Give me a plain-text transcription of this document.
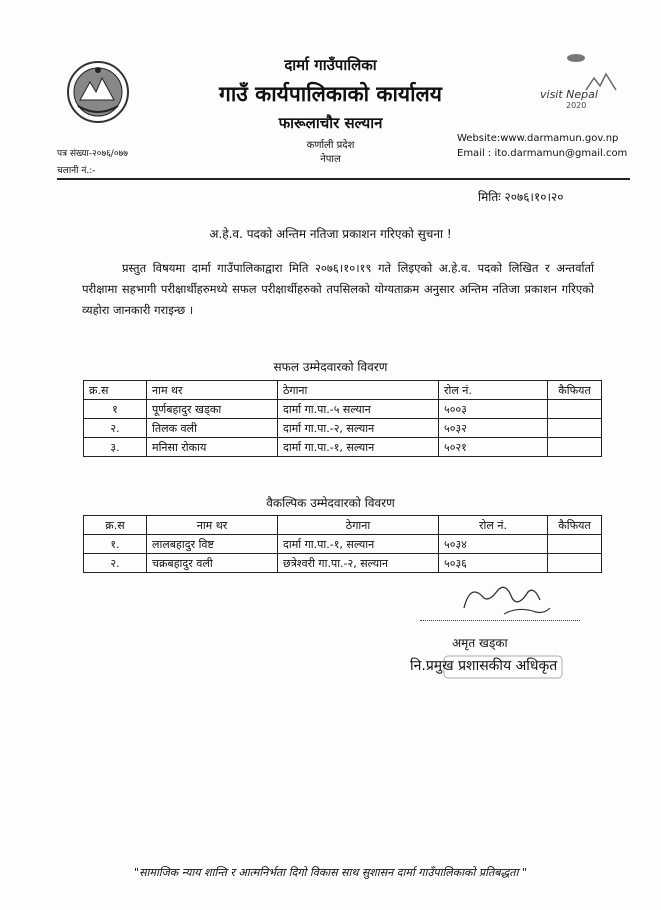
visit Nepal
2020
दार्मा गाउँपालिका
गाउँ कार्यपालिकाको कार्यालय
फारूलाचौर सल्यान
कर्णाली प्रदेश
नेपाल
पत्र संख्या-२०७६/०७७
चलानी नं.:-
Website:www.darmamun.gov.np
Email : ito.darmamun@gmail.com
मितिः २०७६।१०।२०
अ.हे.व. पदको अन्तिम नतिजा प्रकाशन गरिएको सुचना !
प्रस्तुत विषयमा दार्मा गाउँपालिकाद्वारा मिति २०७६।१०।१९ गते लिइएको अ.हे.व. पदको लिखित र अन्तर्वार्ता परीक्षामा सहभागी परीक्षार्थीहरुमध्ये सफल परीक्षार्थीहरुको तपसिलको योग्यताक्रम अनुसार अन्तिम नतिजा प्रकाशन गरिएको व्यहोरा जानकारी गराइन्छ ।
सफल उम्मेदवारको विवरण
क्र.स	नाम थर	ठेगाना	रोल नं.	कैफियत
१	पूर्णबहादुर खड्का	दार्मा गा.पा.-५ सल्यान	५००३	
२.	तिलक वली	दार्मा गा.पा.-२, सल्यान	५०३२	
३.	मनिसा रोकाय	दार्मा गा.पा.-१, सल्यान	५०२१	
वैकल्पिक उम्मेदवारको विवरण
क्र.स	नाम थर	ठेगाना	रोल नं.	कैफियत
१.	लालबहादुर विष्ट	दार्मा गा.पा.-१, सल्यान	५०३४	
२.	चक्रबहादुर वली	छत्रेश्वरी गा.पा.-२, सल्यान	५०३६	
अमृत खड्का
नि.प्रमुख प्रशासकीय अधिकृत
"सामाजिक न्याय शान्ति र आत्मनिर्भता दिगो विकास साथ सुशासन दार्मा गाउँपालिकाको प्रतिबद्धता "
